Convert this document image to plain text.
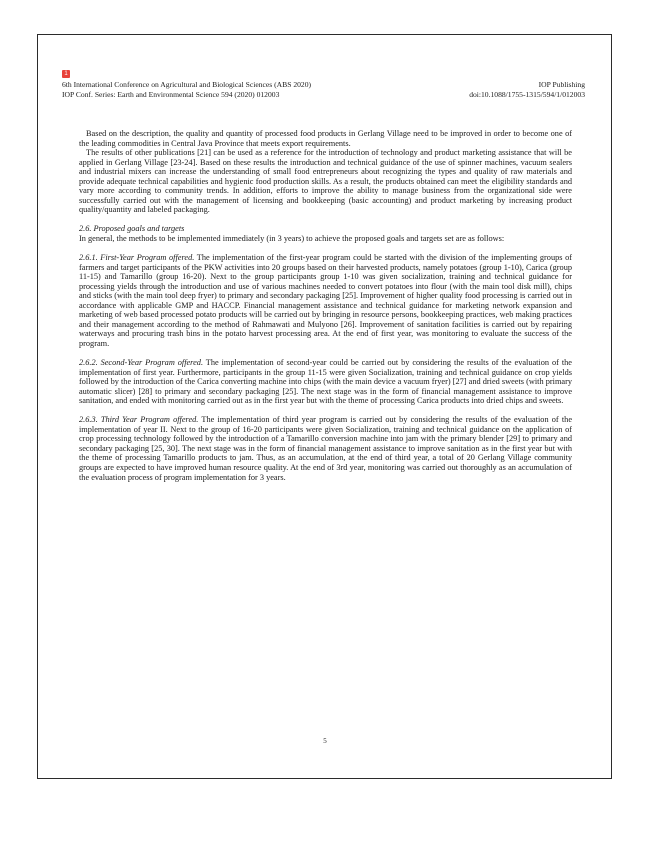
1
6th International Conference on Agricultural and Biological Sciences (ABS 2020)	IOP Publishing
IOP Conf. Series: Earth and Environmental Science 594 (2020) 012003	doi:10.1088/1755-1315/594/1/012003

Based on the description, the quality and quantity of processed food products in Gerlang Village need to be improved in order to become one of the leading commodities in Central Java Province that meets export requirements.

The results of other publications [21] can be used as a reference for the introduction of technology and product marketing assistance that will be applied in Gerlang Village [23-24]. Based on these results the introduction and technical guidance of the use of spinner machines, vacuum sealers and industrial mixers can increase the understanding of small food entrepreneurs about recognizing the types and quality of raw materials and provide adequate technical capabilities and hygienic food production skills. As a result, the products obtained can meet the eligibility standards and vary more according to community trends. In addition, efforts to improve the ability to manage business from the organizational side were successfully carried out with the management of licensing and bookkeeping (basic accounting) and product marketing by increasing product quality/quantity and labeled packaging.

2.6. Proposed goals and targets

In general, the methods to be implemented immediately (in 3 years) to achieve the proposed goals and targets set are as follows:

2.6.1. First-Year Program offered. The implementation of the first-year program could be started with the division of the implementing groups of farmers and target participants of the PKW activities into 20 groups based on their harvested products, namely potatoes (group 1-10), Carica (group 11-15) and Tamarillo (group 16-20). Next to the group participants group 1-10 was given socialization, training and technical guidance for processing yields through the introduction and use of various machines needed to convert potatoes into flour (with the main tool disk mill), chips and sticks (with the main tool deep fryer) to primary and secondary packaging [25]. Improvement of higher quality food processing is carried out in accordance with applicable GMP and HACCP. Financial management assistance and technical guidance for marketing network expansion and marketing of web based processed potato products will be carried out by bringing in resource persons, bookkeeping practices, web making practices and their management according to the method of Rahmawati and Mulyono [26]. Improvement of sanitation facilities is carried out by repairing waterways and procuring trash bins in the potato harvest processing area. At the end of first year, was monitoring to evaluate the success of the program.

2.6.2. Second-Year Program offered. The implementation of second-year could be carried out by considering the results of the evaluation of the implementation of first year. Furthermore, participants in the group 11-15 were given Socialization, training and technical guidance on crop yields followed by the introduction of the Carica converting machine into chips (with the main device a vacuum fryer) [27] and dried sweets (with primary automatic slicer) [28] to primary and secondary packaging [25]. The next stage was in the form of financial management assistance to improve sanitation, and ended with monitoring carried out as in the first year but with the theme of processing Carica products into dried chips and sweets.

2.6.3. Third Year Program offered. The implementation of third year program is carried out by considering the results of the evaluation of the implementation of year II. Next to the group of 16-20 participants were given Socialization, training and technical guidance on the application of crop processing technology followed by the introduction of a Tamarillo conversion machine into jam with the primary blender [29] to primary and secondary packaging [25, 30]. The next stage was in the form of financial management assistance to improve sanitation as in the first year but with the theme of processing Tamarillo products to jam. Thus, as an accumulation, at the end of third year, a total of 20 Gerlang Village community groups are expected to have improved human resource quality. At the end of 3rd year, monitoring was carried out thoroughly as an accumulation of the evaluation process of program implementation for 3 years.

5
